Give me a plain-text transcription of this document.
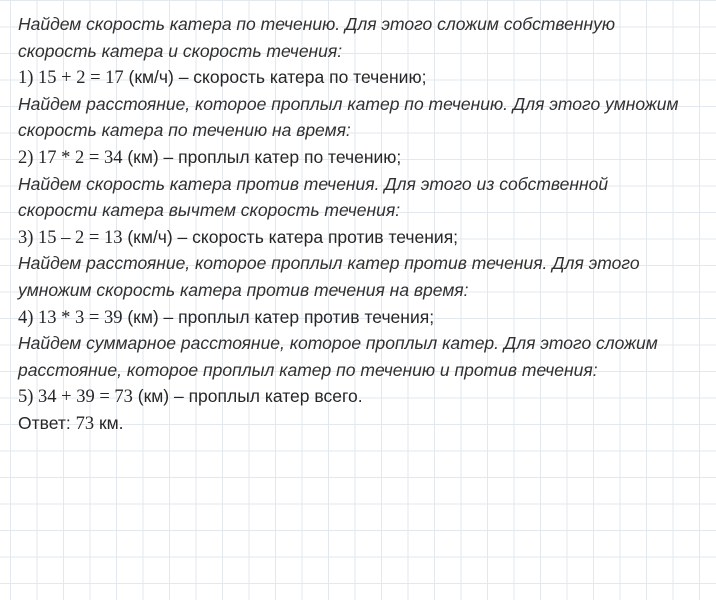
Найдем скорость катера по течению. Для этого сложим собственную
скорость катера и скорость течения:
1) 15 + 2 = 17 (км/ч) – скорость катера по течению;
Найдем расстояние, которое проплыл катер по течению. Для этого умножим
скорость катера по течению на время:
2) 17 * 2 = 34 (км) – проплыл катер по течению;
Найдем скорость катера против течения. Для этого из собственной
скорости катера вычтем скорость течения:
3) 15 – 2 = 13 (км/ч) – скорость катера против течения;
Найдем расстояние, которое проплыл катер против течения. Для этого
умножим скорость катера против течения на время:
4) 13 * 3 = 39 (км) – проплыл катер против течения;
Найдем суммарное расстояние, которое проплыл катер. Для этого сложим
расстояние, которое проплыл катер по течению и против течения:
5) 34 + 39 = 73 (км) – проплыл катер всего.
Ответ: 73 км.
